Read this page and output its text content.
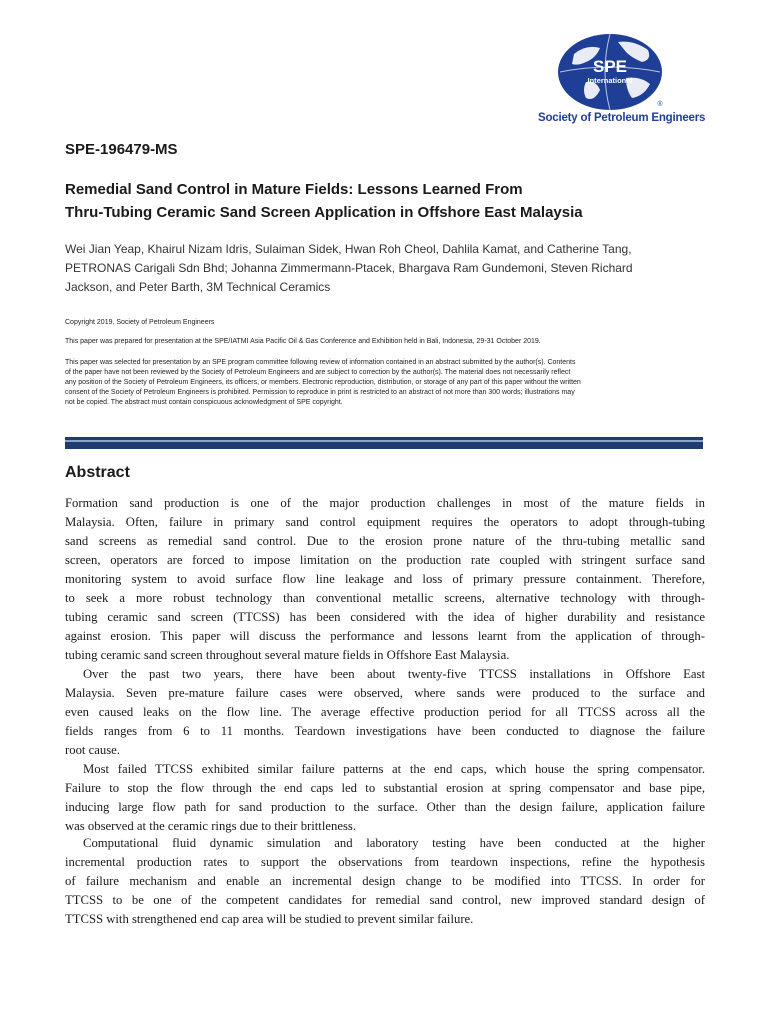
SPE
International
®
Society of Petroleum Engineers
SPE-196479-MS
Remedial Sand Control in Mature Fields: Lessons Learned From
Thru-Tubing Ceramic Sand Screen Application in Offshore East Malaysia

Wei Jian Yeap, Khairul Nizam Idris, Sulaiman Sidek, Hwan Roh Cheol, Dahlila Kamat, and Catherine Tang,
PETRONAS Carigali Sdn Bhd; Johanna Zimmermann-Ptacek, Bhargava Ram Gundemoni, Steven Richard
Jackson, and Peter Barth, 3M Technical Ceramics

Copyright 2019, Society of Petroleum Engineers

This paper was prepared for presentation at the SPE/IATMI Asia Pacific Oil & Gas Conference and Exhibition held in Bali, Indonesia, 29-31 October 2019.

This paper was selected for presentation by an SPE program committee following review of information contained in an abstract submitted by the author(s). Contents
of the paper have not been reviewed by the Society of Petroleum Engineers and are subject to correction by the author(s). The material does not necessarily reflect
any position of the Society of Petroleum Engineers, its officers, or members. Electronic reproduction, distribution, or storage of any part of this paper without the written
consent of the Society of Petroleum Engineers is prohibited. Permission to reproduce in print is restricted to an abstract of not more than 300 words; illustrations may
not be copied. The abstract must contain conspicuous acknowledgment of SPE copyright.

Abstract

Formation sand production is one of the major production challenges in most of the mature fields in
Malaysia. Often, failure in primary sand control equipment requires the operators to adopt through-tubing
sand screens as remedial sand control. Due to the erosion prone nature of the thru-tubing metallic sand
screen, operators are forced to impose limitation on the production rate coupled with stringent surface sand
monitoring system to avoid surface flow line leakage and loss of primary pressure containment. Therefore,
to seek a more robust technology than conventional metallic screens, alternative technology with through-
tubing ceramic sand screen (TTCSS) has been considered with the idea of higher durability and resistance
against erosion. This paper will discuss the performance and lessons learnt from the application of through-
tubing ceramic sand screen throughout several mature fields in Offshore East Malaysia.

Over the past two years, there have been about twenty-five TTCSS installations in Offshore East
Malaysia. Seven pre-mature failure cases were observed, where sands were produced to the surface and
even caused leaks on the flow line. The average effective production period for all TTCSS across all the
fields ranges from 6 to 11 months. Teardown investigations have been conducted to diagnose the failure
root cause.

Most failed TTCSS exhibited similar failure patterns at the end caps, which house the spring compensator.
Failure to stop the flow through the end caps led to substantial erosion at spring compensator and base pipe,
inducing large flow path for sand production to the surface. Other than the design failure, application failure
was observed at the ceramic rings due to their brittleness.

Computational fluid dynamic simulation and laboratory testing have been conducted at the higher
incremental production rates to support the observations from teardown inspections, refine the hypothesis
of failure mechanism and enable an incremental design change to be modified into TTCSS. In order for
TTCSS to be one of the competent candidates for remedial sand control, new improved standard design of
TTCSS with strengthened end cap area will be studied to prevent similar failure.
